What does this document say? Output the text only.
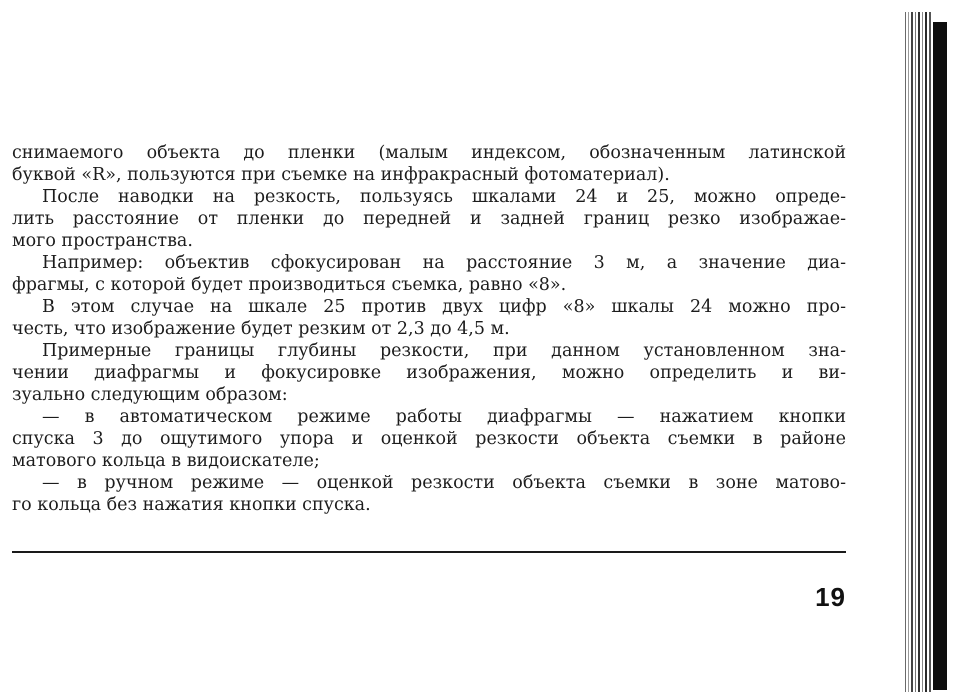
снимаемого объекта до пленки (малым индексом, обозначенным латинской
буквой «R», пользуются при съемке на инфракрасный фотоматериал).
После наводки на резкость, пользуясь шкалами 24 и 25, можно опреде-
лить расстояние от пленки до передней и задней границ резко изображае-
мого пространства.
Например: объектив сфокусирован на расстояние 3 м, а значение диа-
фрагмы, с которой будет производиться съемка, равно «8».
В этом случае на шкале 25 против двух цифр «8» шкалы 24 можно про-
честь, что изображение будет резким от 2,3 до 4,5 м.
Примерные границы глубины резкости, при данном установленном зна-
чении диафрагмы и фокусировке изображения, можно определить и ви-
зуально следующим образом:
— в автоматическом режиме работы диафрагмы — нажатием кнопки
спуска 3 до ощутимого упора и оценкой резкости объекта съемки в районе
матового кольца в видоискателе;
— в ручном режиме — оценкой резкости объекта съемки в зоне матово-
го кольца без нажатия кнопки спуска.
19
